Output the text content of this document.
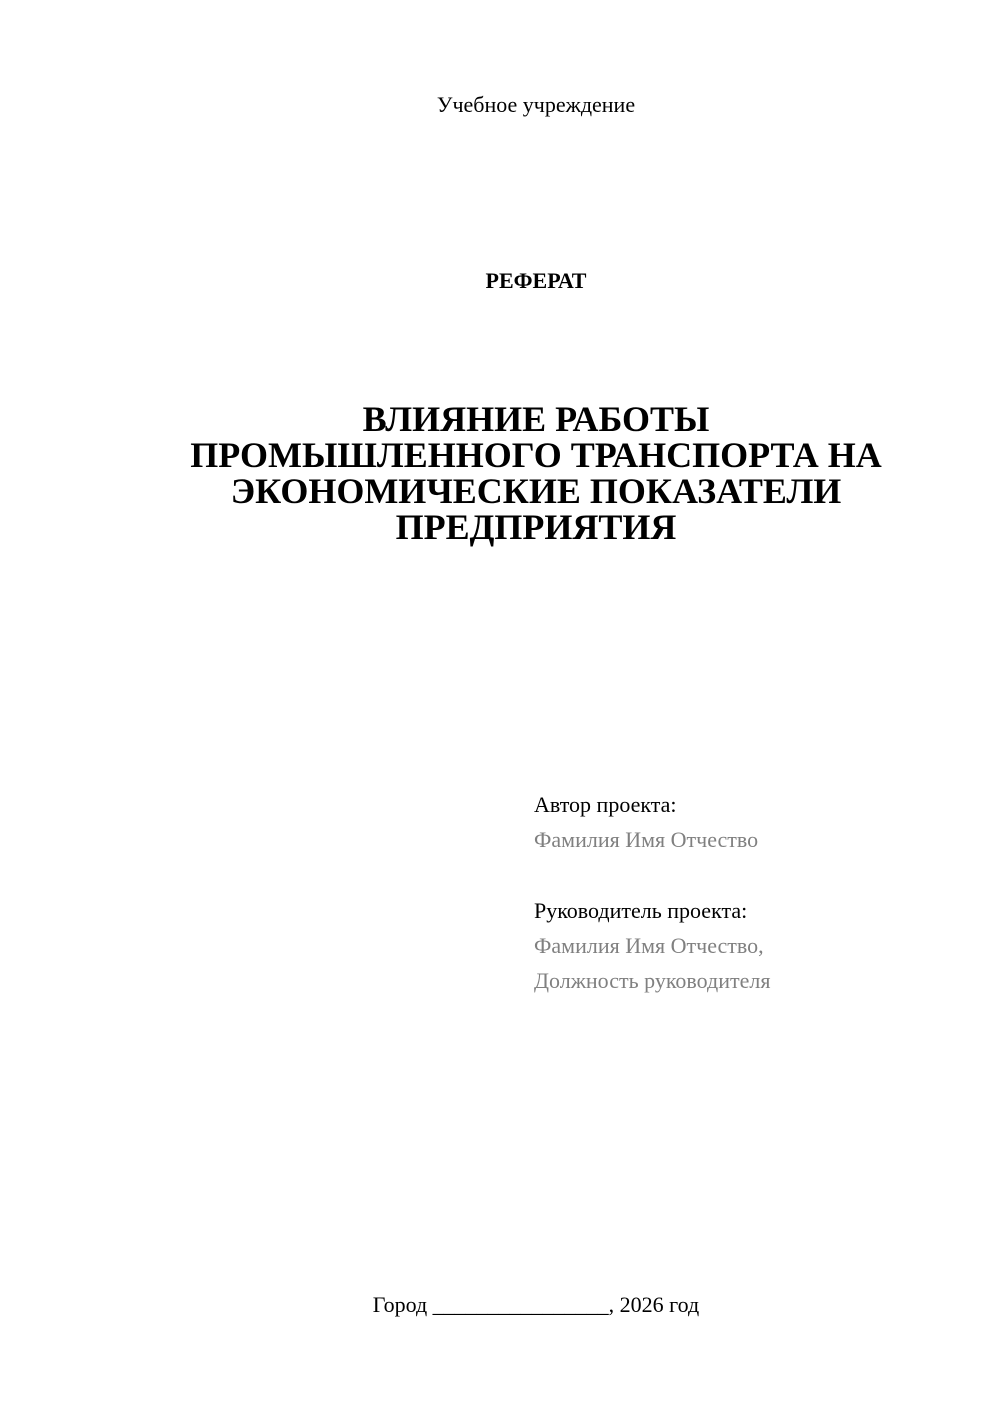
Учебное учреждение
РЕФЕРАТ
ВЛИЯНИЕ РАБОТЫ
ПРОМЫШЛЕННОГО ТРАНСПОРТА НА
ЭКОНОМИЧЕСКИЕ ПОКАЗАТЕЛИ
ПРЕДПРИЯТИЯ
Автор проекта:
Фамилия Имя Отчество
Руководитель проекта:
Фамилия Имя Отчество,
Должность руководителя
Город ________________, 2026 год
